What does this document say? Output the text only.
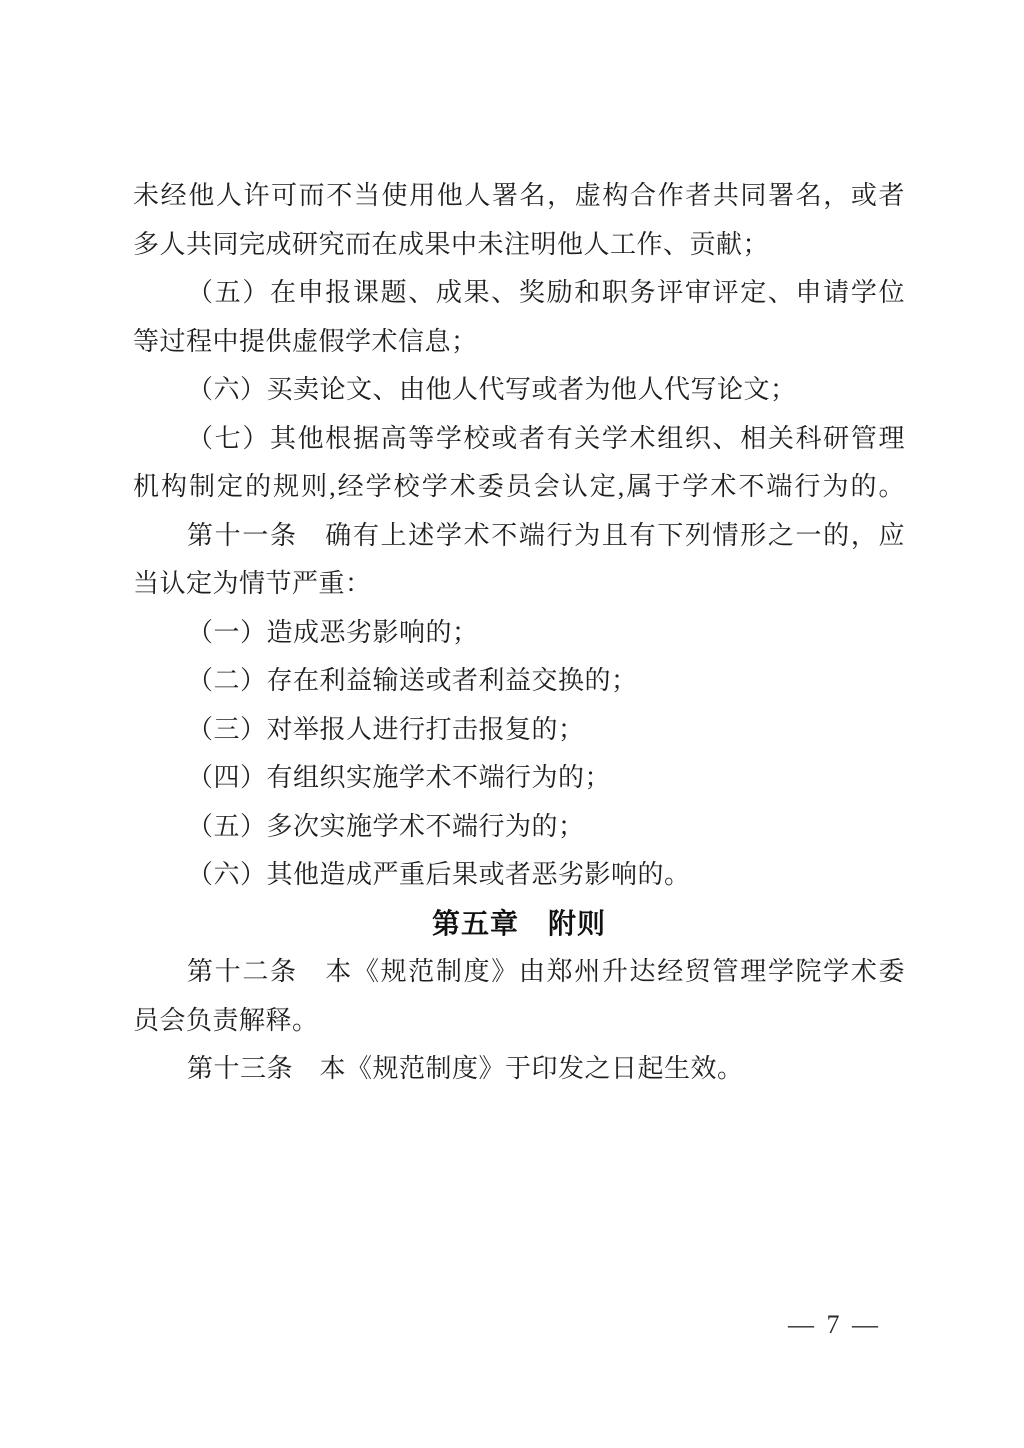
未经他人许可而不当使用他人署名，虚构合作者共同署名，或者
多人共同完成研究而在成果中未注明他人工作、贡献；
（五）在申报课题、成果、奖励和职务评审评定、申请学位
等过程中提供虚假学术信息；
（六）买卖论文、由他人代写或者为他人代写论文；
（七）其他根据高等学校或者有关学术组织、相关科研管理
机构制定的规则,经学校学术委员会认定,属于学术不端行为的。
第十一条　确有上述学术不端行为且有下列情形之一的，应
当认定为情节严重：
（一）造成恶劣影响的；
（二）存在利益输送或者利益交换的；
（三）对举报人进行打击报复的；
（四）有组织实施学术不端行为的；
（五）多次实施学术不端行为的；
（六）其他造成严重后果或者恶劣影响的。
第五章　附则
第十二条　本《规范制度》由郑州升达经贸管理学院学术委
员会负责解释。
第十三条　本《规范制度》于印发之日起生效。
— 7 —
